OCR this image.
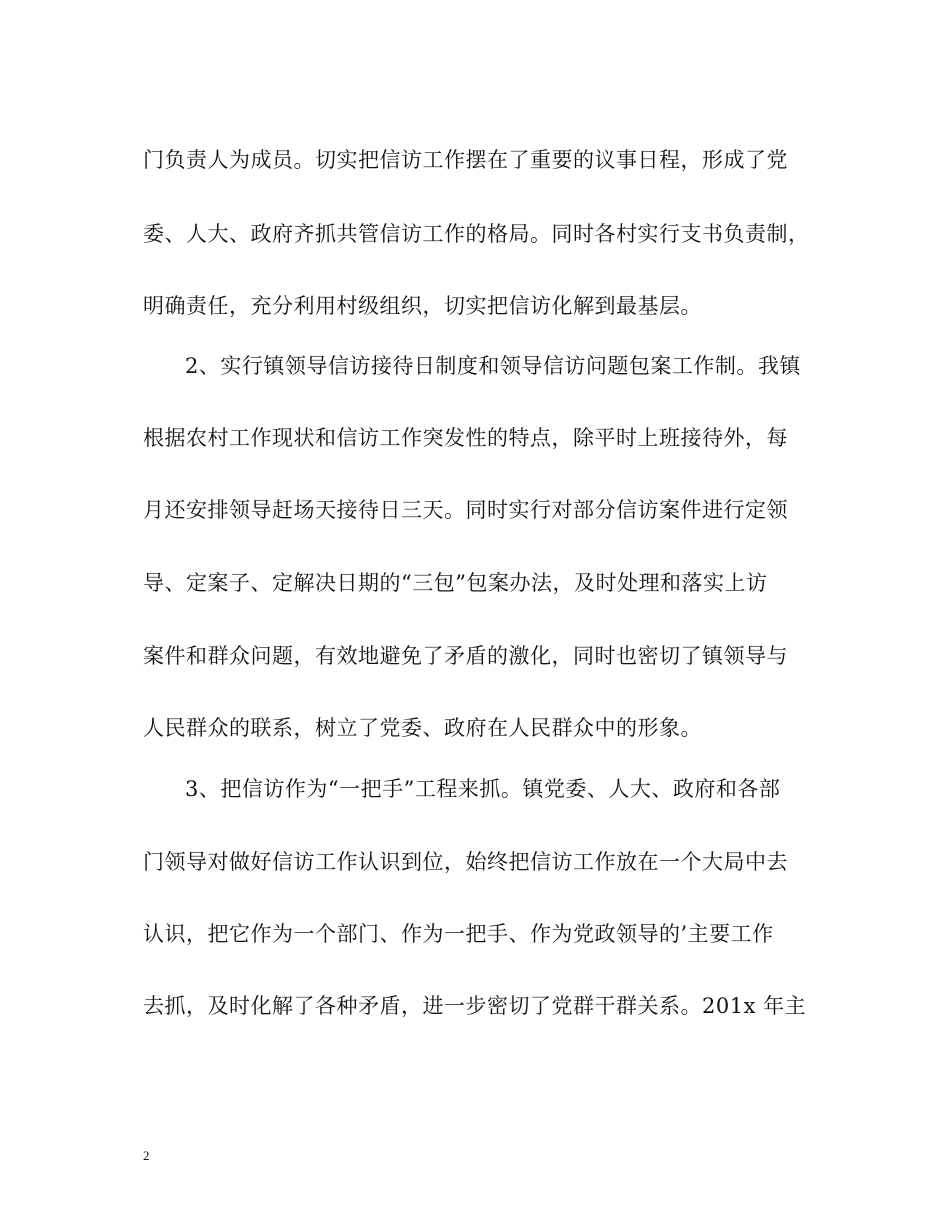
门负责人为成员。切实把信访工作摆在了重要的议事日程，形成了党
委、人大、政府齐抓共管信访工作的格局。同时各村实行支书负责制，
明确责任，充分利用村级组织，切实把信访化解到最基层。
2、实行镇领导信访接待日制度和领导信访问题包案工作制。我镇
根据农村工作现状和信访工作突发性的特点，除平时上班接待外，每
月还安排领导赶场天接待日三天。同时实行对部分信访案件进行定领
导、定案子、定解决日期的“三包”包案办法，及时处理和落实上访
案件和群众问题，有效地避免了矛盾的激化，同时也密切了镇领导与
人民群众的联系，树立了党委、政府在人民群众中的形象。
3、把信访作为“一把手”工程来抓。镇党委、人大、政府和各部
门领导对做好信访工作认识到位，始终把信访工作放在一个大局中去
认识，把它作为一个部门、作为一把手、作为党政领导的’主要工作
去抓，及时化解了各种矛盾，进一步密切了党群干群关系。201x 年主
2
